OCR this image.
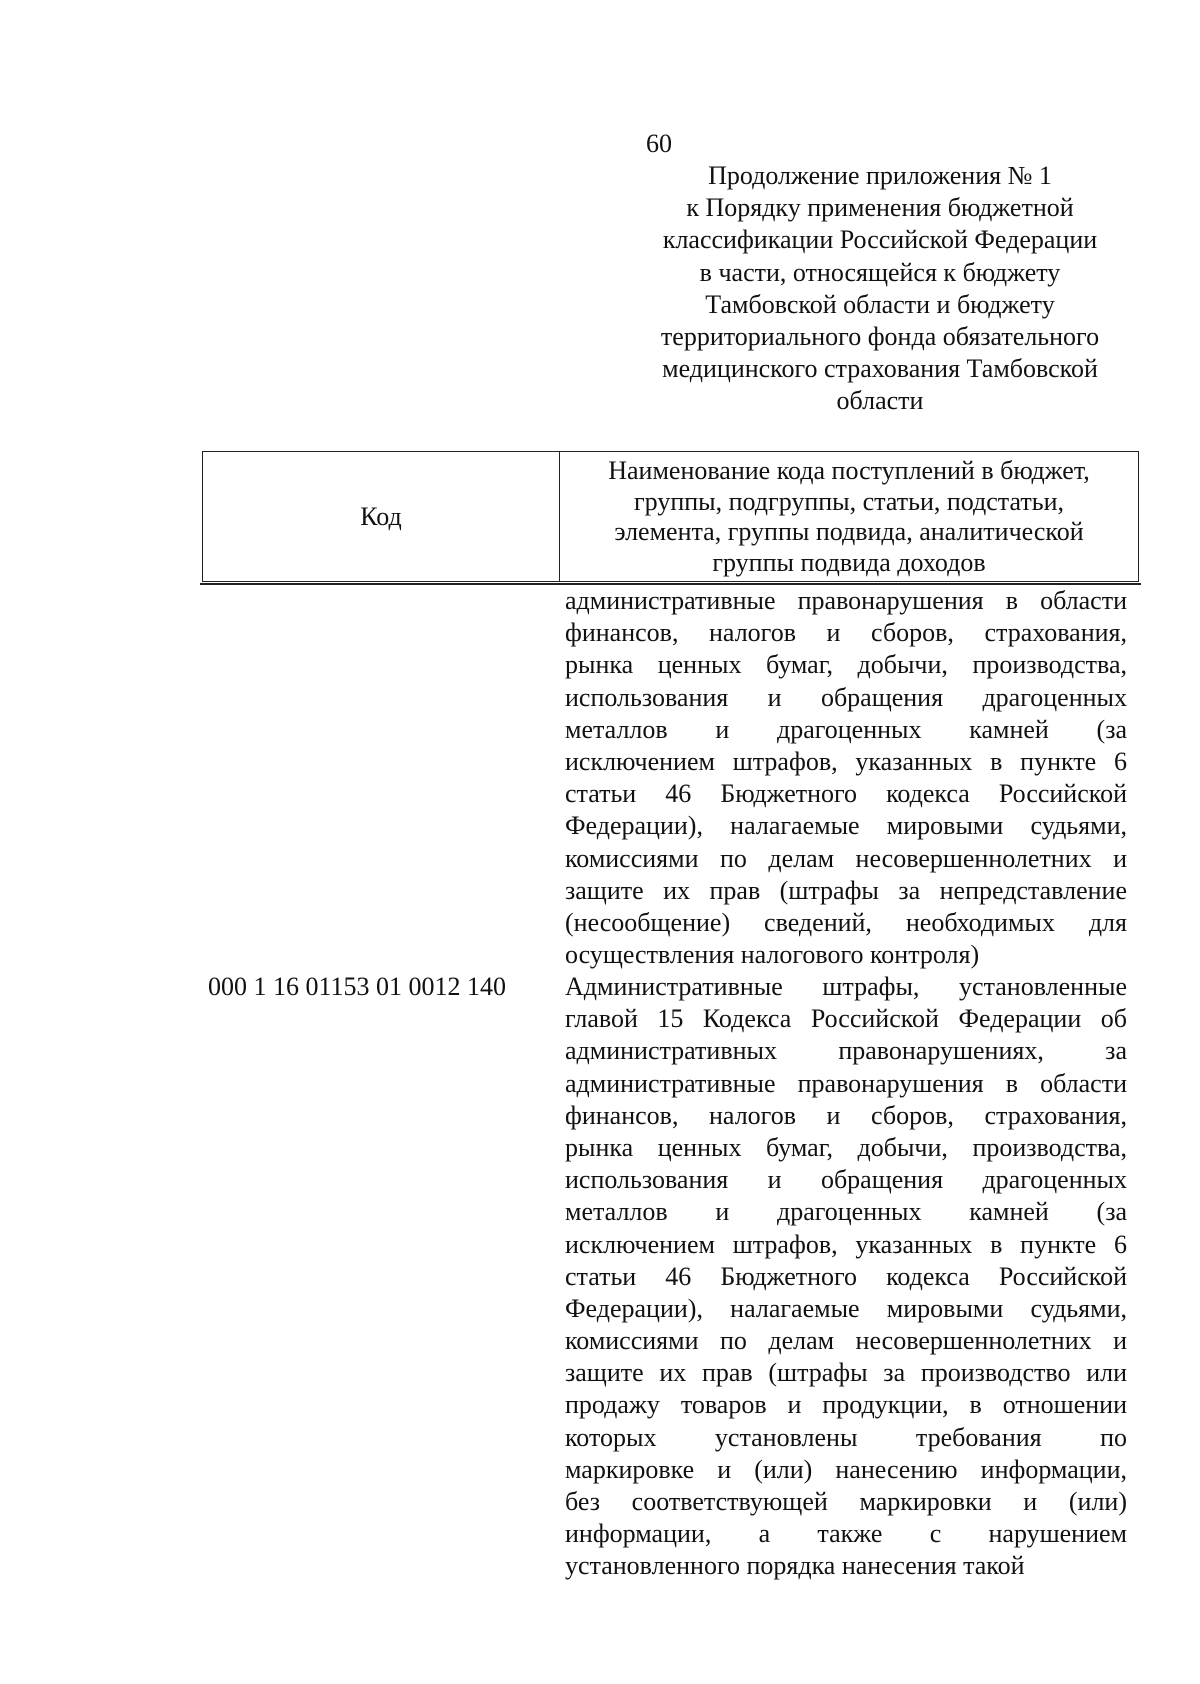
60
Продолжение приложения № 1
к Порядку применения бюджетной
классификации Российской Федерации
в части, относящейся к бюджету
Тамбовской области и бюджету
территориального фонда обязательного
медицинского страхования Тамбовской
области
Код
Наименование кода поступлений в бюджет,
группы, подгруппы, статьи, подстатьи,
элемента, группы подвида, аналитической
группы подвида доходов
административные правонарушения в области
финансов, налогов и сборов, страхования,
рынка ценных бумаг, добычи, производства,
использования и обращения драгоценных
металлов и драгоценных камней (за
исключением штрафов, указанных в пункте 6
статьи 46 Бюджетного кодекса Российской
Федерации), налагаемые мировыми судьями,
комиссиями по делам несовершеннолетних и
защите их прав (штрафы за непредставление
(несообщение) сведений, необходимых для
осуществления налогового контроля)
000 1 16 01153 01 0012 140 Административные штрафы, установленные
главой 15 Кодекса Российской Федерации об
административных правонарушениях, за
административные правонарушения в области
финансов, налогов и сборов, страхования,
рынка ценных бумаг, добычи, производства,
использования и обращения драгоценных
металлов и драгоценных камней (за
исключением штрафов, указанных в пункте 6
статьи 46 Бюджетного кодекса Российской
Федерации), налагаемые мировыми судьями,
комиссиями по делам несовершеннолетних и
защите их прав (штрафы за производство или
продажу товаров и продукции, в отношении
которых установлены требования по
маркировке и (или) нанесению информации,
без соответствующей маркировки и (или)
информации, а также с нарушением
установленного порядка нанесения такой
